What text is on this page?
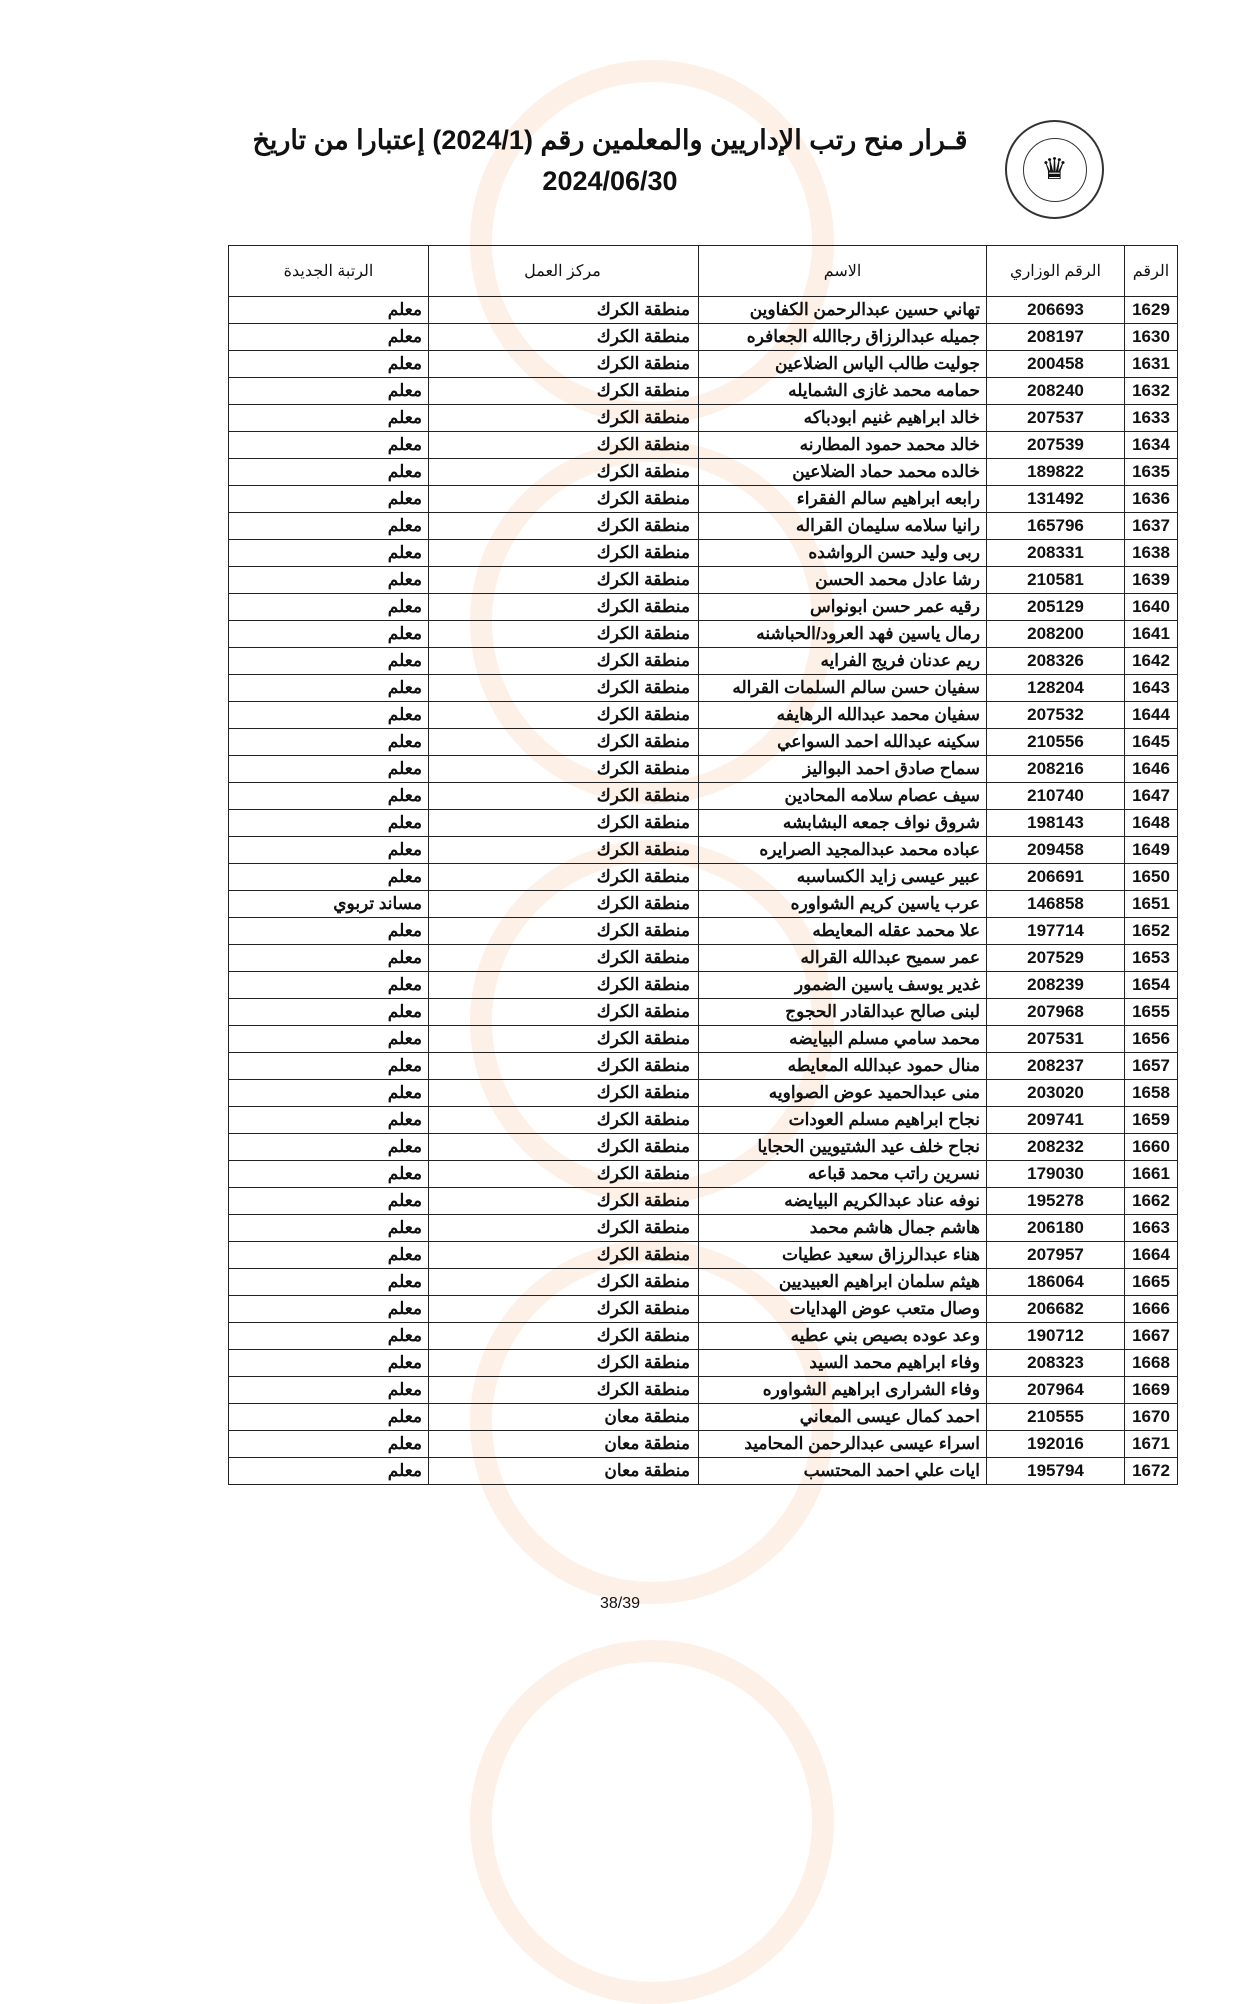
♛
قـرار منح رتب الإداريين والمعلمين رقم (2024/1) إعتبارا من تاريخ
2024/06/30
الرقم	الرقم الوزاري	الاسم	مركز العمل	الرتبة الجديدة
1629	206693	تهاني حسين عبدالرحمن الكفاوين	منطقة الكرك	معلم
1630	208197	جميله عبدالرزاق رجاالله الجعافره	منطقة الكرك	معلم
1631	200458	جوليت طالب الياس الضلاعين	منطقة الكرك	معلم
1632	208240	حمامه محمد غازى الشمايله	منطقة الكرك	معلم
1633	207537	خالد ابراهيم غنيم ابودباكه	منطقة الكرك	معلم
1634	207539	خالد محمد حمود المطارنه	منطقة الكرك	معلم
1635	189822	خالده محمد حماد الضلاعين	منطقة الكرك	معلم
1636	131492	رابعه ابراهيم سالم الفقراء	منطقة الكرك	معلم
1637	165796	رانيا سلامه سليمان القراله	منطقة الكرك	معلم
1638	208331	ربى وليد حسن الرواشده	منطقة الكرك	معلم
1639	210581	رشا عادل محمد الحسن	منطقة الكرك	معلم
1640	205129	رقيه عمر حسن ابونواس	منطقة الكرك	معلم
1641	208200	رمال ياسين فهد العرود/الحباشنه	منطقة الكرك	معلم
1642	208326	ريم عدنان فريج الفرايه	منطقة الكرك	معلم
1643	128204	سفيان حسن سالم السلمات القراله	منطقة الكرك	معلم
1644	207532	سفيان محمد عبدالله الرهايفه	منطقة الكرك	معلم
1645	210556	سكينه عبدالله احمد السواعي	منطقة الكرك	معلم
1646	208216	سماح صادق احمد البواليز	منطقة الكرك	معلم
1647	210740	سيف عصام سلامه المحادين	منطقة الكرك	معلم
1648	198143	شروق نواف جمعه البشابشه	منطقة الكرك	معلم
1649	209458	عباده محمد عبدالمجيد الصرايره	منطقة الكرك	معلم
1650	206691	عبير عيسى زايد الكساسبه	منطقة الكرك	معلم
1651	146858	عرب ياسين كريم الشواوره	منطقة الكرك	مساند تربوي
1652	197714	علا محمد عقله المعايطه	منطقة الكرك	معلم
1653	207529	عمر سميح عبدالله القراله	منطقة الكرك	معلم
1654	208239	غدير يوسف ياسين الضمور	منطقة الكرك	معلم
1655	207968	لبنى صالح عبدالقادر الحجوج	منطقة الكرك	معلم
1656	207531	محمد سامي مسلم البيايضه	منطقة الكرك	معلم
1657	208237	منال حمود عبدالله المعايطه	منطقة الكرك	معلم
1658	203020	منى عبدالحميد عوض الصواويه	منطقة الكرك	معلم
1659	209741	نجاح ابراهيم مسلم العودات	منطقة الكرك	معلم
1660	208232	نجاح خلف عيد الشتيويين الحجايا	منطقة الكرك	معلم
1661	179030	نسرين راتب محمد قباعه	منطقة الكرك	معلم
1662	195278	نوفه عناد عبدالكريم البيايضه	منطقة الكرك	معلم
1663	206180	هاشم جمال هاشم محمد	منطقة الكرك	معلم
1664	207957	هناء عبدالرزاق سعيد عطيات	منطقة الكرك	معلم
1665	186064	هيثم سلمان ابراهيم العبيديين	منطقة الكرك	معلم
1666	206682	وصال متعب عوض الهدايات	منطقة الكرك	معلم
1667	190712	وعد عوده بصيص بني عطيه	منطقة الكرك	معلم
1668	208323	وفاء ابراهيم محمد السيد	منطقة الكرك	معلم
1669	207964	وفاء الشرارى ابراهيم الشواوره	منطقة الكرك	معلم
1670	210555	احمد كمال عيسى المعاني	منطقة معان	معلم
1671	192016	اسراء عيسى عبدالرحمن المحاميد	منطقة معان	معلم
1672	195794	ايات علي احمد المحتسب	منطقة معان	معلم
38/39
